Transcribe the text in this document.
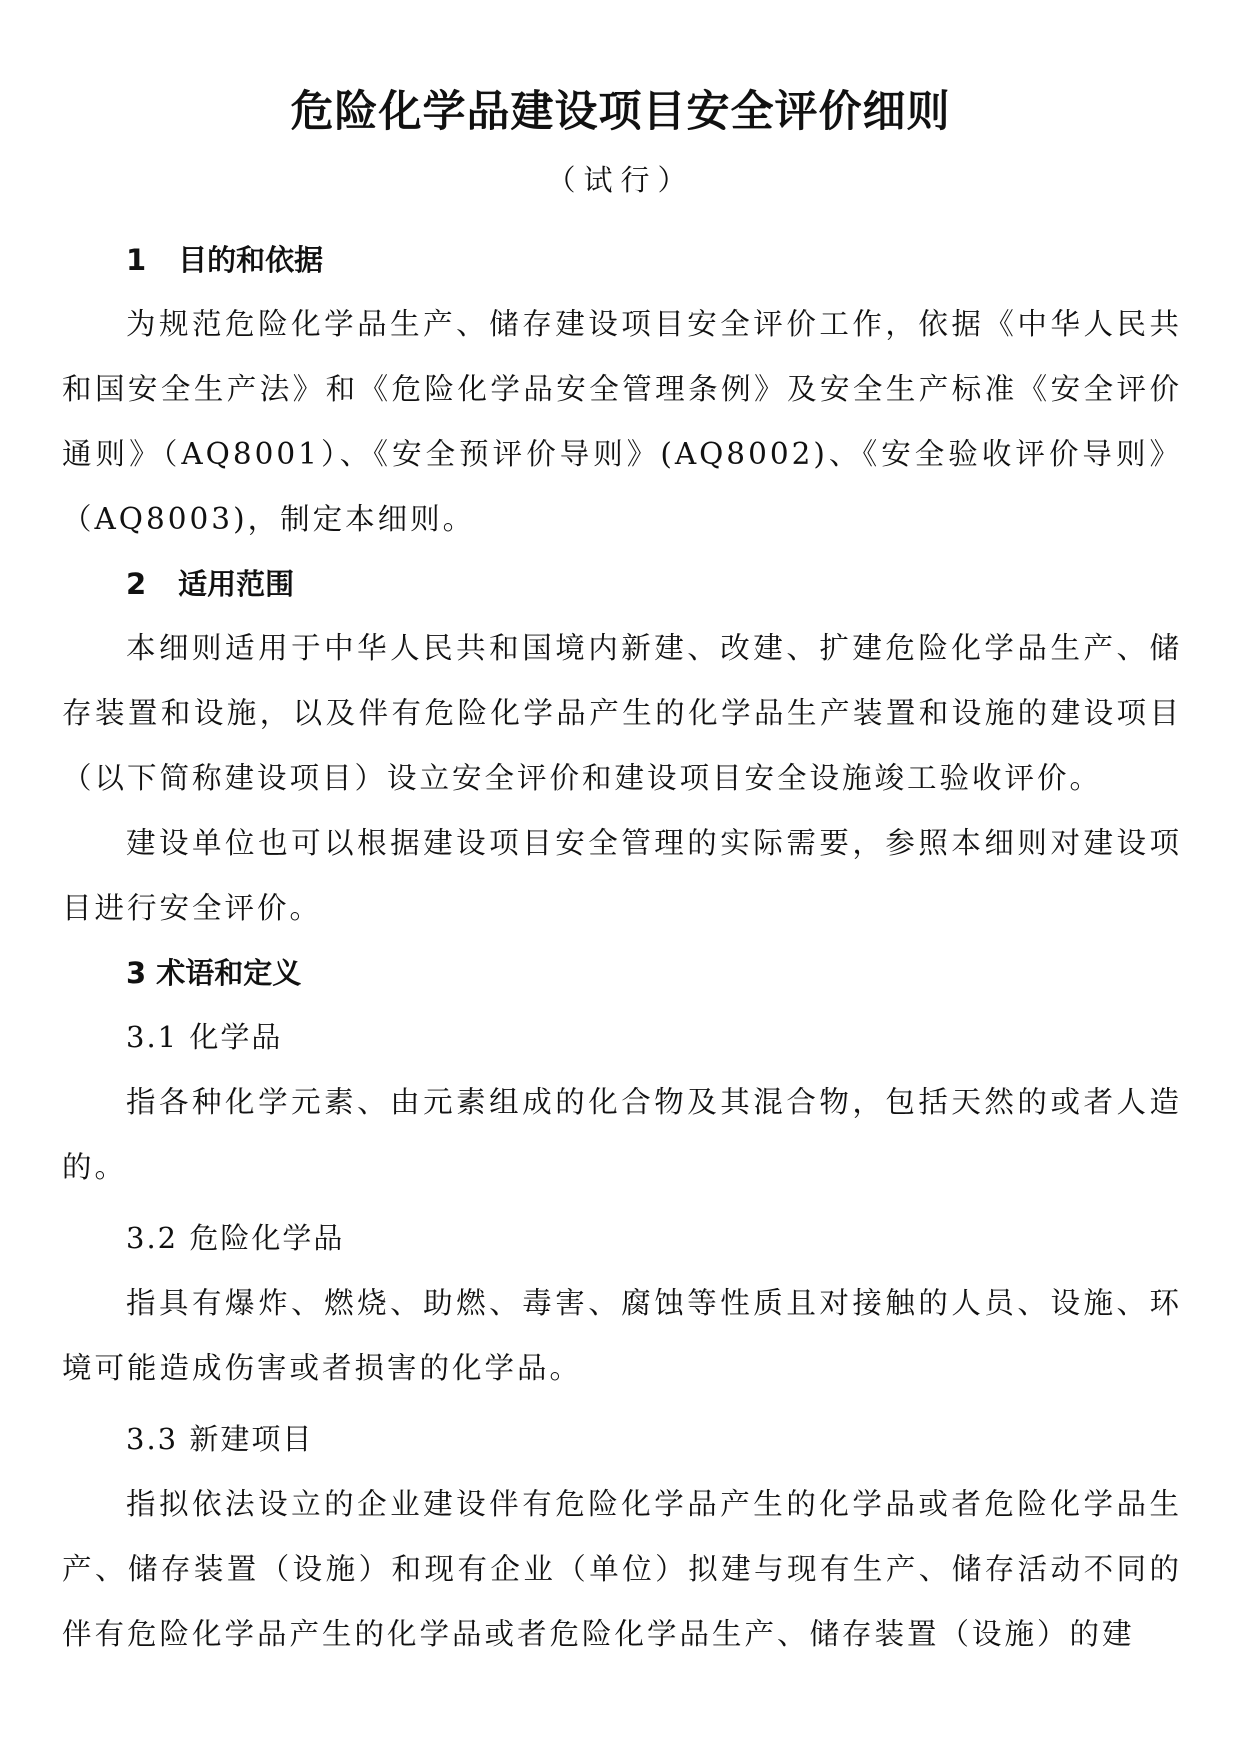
危险化学品建设项目安全评价细则
（试行）
1 目的和依据
为规范危险化学品生产、储存建设项目安全评价工作，依据《中华人民共和国安全生产法》和《危险化学品安全管理条例》及安全生产标准《安全评价通则》（AQ8001）、《安全预评价导则》(AQ8002)、《安全验收评价导则》（AQ8003)，制定本细则。
2 适用范围
本细则适用于中华人民共和国境内新建、改建、扩建危险化学品生产、储存装置和设施，以及伴有危险化学品产生的化学品生产装置和设施的建设项目（以下简称建设项目）设立安全评价和建设项目安全设施竣工验收评价。
建设单位也可以根据建设项目安全管理的实际需要，参照本细则对建设项目进行安全评价。
3 术语和定义
3.1 化学品
指各种化学元素、由元素组成的化合物及其混合物，包括天然的或者人造的。
3.2 危险化学品
指具有爆炸、燃烧、助燃、毒害、腐蚀等性质且对接触的人员、设施、环境可能造成伤害或者损害的化学品。
3.3 新建项目
指拟依法设立的企业建设伴有危险化学品产生的化学品或者危险化学品生产、储存装置（设施）和现有企业（单位）拟建与现有生产、储存活动不同的伴有危险化学品产生的化学品或者危险化学品生产、储存装置（设施）的建
